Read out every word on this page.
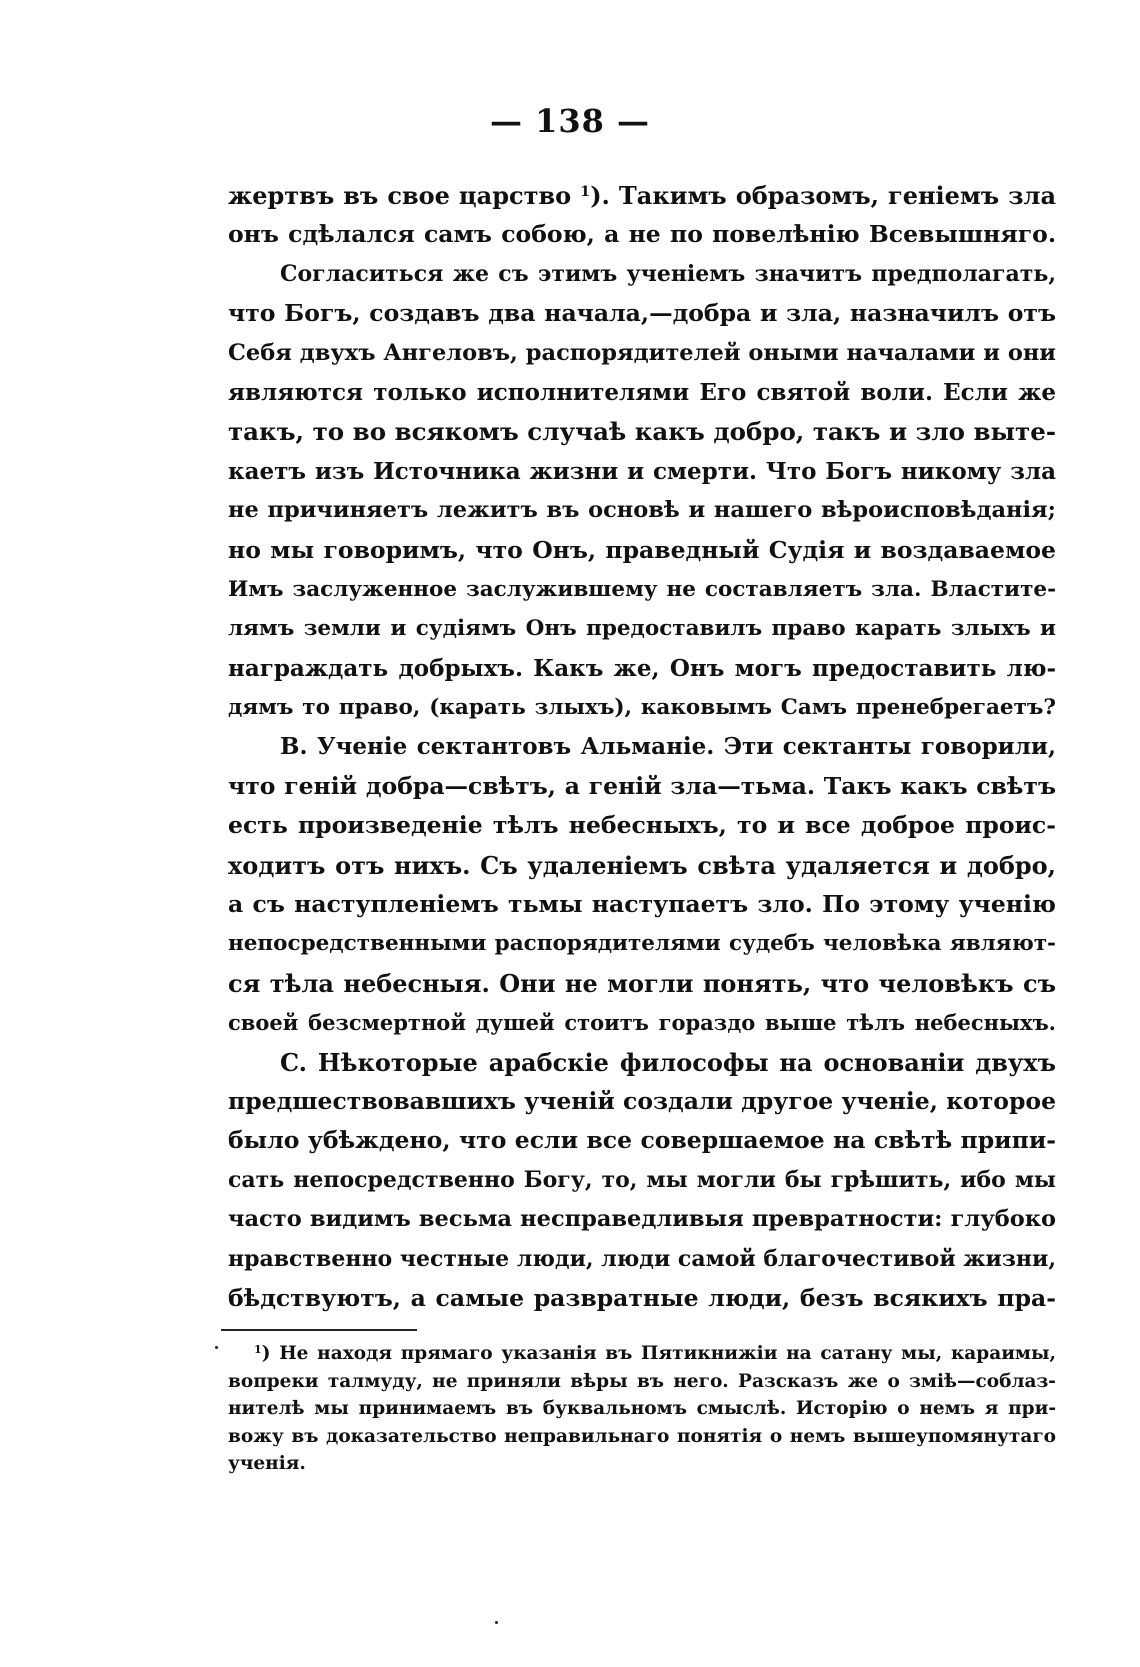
— 138 —
жертвъ въ свое царство $^1$). Такимъ образомъ, геніемъ зла
онъ сдѣлался самъ собою, а не по повелѣнію Всевышняго.
Согласиться же съ этимъ ученіемъ значитъ предполагать,
что Богъ, создавъ два начала,—добра и зла, назначилъ отъ
Себя двухъ Ангеловъ, распорядителей оными началами и они
являются только исполнителями Его святой воли. Если же
такъ, то во всякомъ случаѣ какъ добро, такъ и зло выте-
каетъ изъ Источника жизни и смерти. Что Богъ никому зла
не причиняетъ лежитъ въ основѣ и нашего вѣроисповѣданія;
но мы говоримъ, что Онъ, праведный Судія и воздаваемое
Имъ заслуженное заслужившему не составляетъ зла. Властите-
лямъ земли и судіямъ Онъ предоставилъ право карать злыхъ и
награждать добрыхъ. Какъ же, Онъ могъ предоставить лю-
дямъ то право, (карать злыхъ), каковымъ Самъ пренебрегаетъ?
B. Ученіе сектантовъ Альманіе. Эти сектанты говорили,
что геній добра—свѣтъ, а геній зла—тьма. Такъ какъ свѣтъ
есть произведеніе тѣлъ небесныхъ, то и все доброе проис-
ходитъ отъ нихъ. Съ удаленіемъ свѣта удаляется и добро,
а съ наступленіемъ тьмы наступаетъ зло. По этому ученію
непосредственными распорядителями судебъ человѣка являют-
ся тѣла небесныя. Они не могли понять, что человѣкъ съ
своей безсмертной душей стоитъ гораздо выше тѣлъ небесныхъ.
C. Нѣкоторые арабскіе философы на основаніи двухъ
предшествовавшихъ ученій создали другое ученіе, которое
было убѣждено, что если все совершаемое на свѣтѣ припи-
сать непосредственно Богу, то, мы могли бы грѣшить, ибо мы
часто видимъ весьма несправедливыя превратности: глубоко
нравственно честные люди, люди самой благочестивой жизни,
бѣдствуютъ, а самые развратные люди, безъ всякихъ пра-
$^1$) Не находя прямаго указанія въ Пятикнижіи на сатану мы, караимы,
вопреки талмуду, не приняли вѣры въ него. Разсказъ же о зміѣ—соблаз-
нителѣ мы принимаемъ въ буквальномъ смыслѣ. Исторію о немъ я при-
вожу въ доказательство неправильнаго понятія о немъ вышеупомянутаго
ученія.
